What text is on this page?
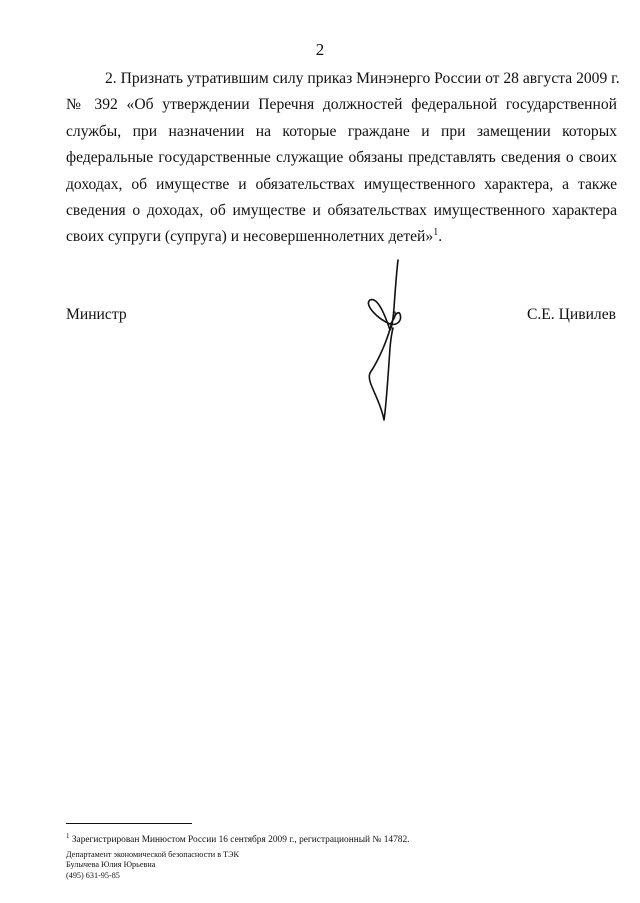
2
2. Признать утратившим силу приказ Минэнерго России от 28 августа 2009 г.
№ 392 «Об утверждении Перечня должностей федеральной государственной
службы, при назначении на которые граждане и при замещении которых
федеральные государственные служащие обязаны представлять сведения о своих
доходах, об имуществе и обязательствах имущественного характера, а также
сведения о доходах, об имуществе и обязательствах имущественного характера
своих супруги (супруга) и несовершеннолетних детей»$^1$.
Министр	С.Е. Цивилев
$^1$ Зарегистрирован Минюстом России 16 сентября 2009 г., регистрационный № 14782.
Департамент экономической безопасности в ТЭК
Булычева Юлия Юрьевна
(495) 631-95-85
